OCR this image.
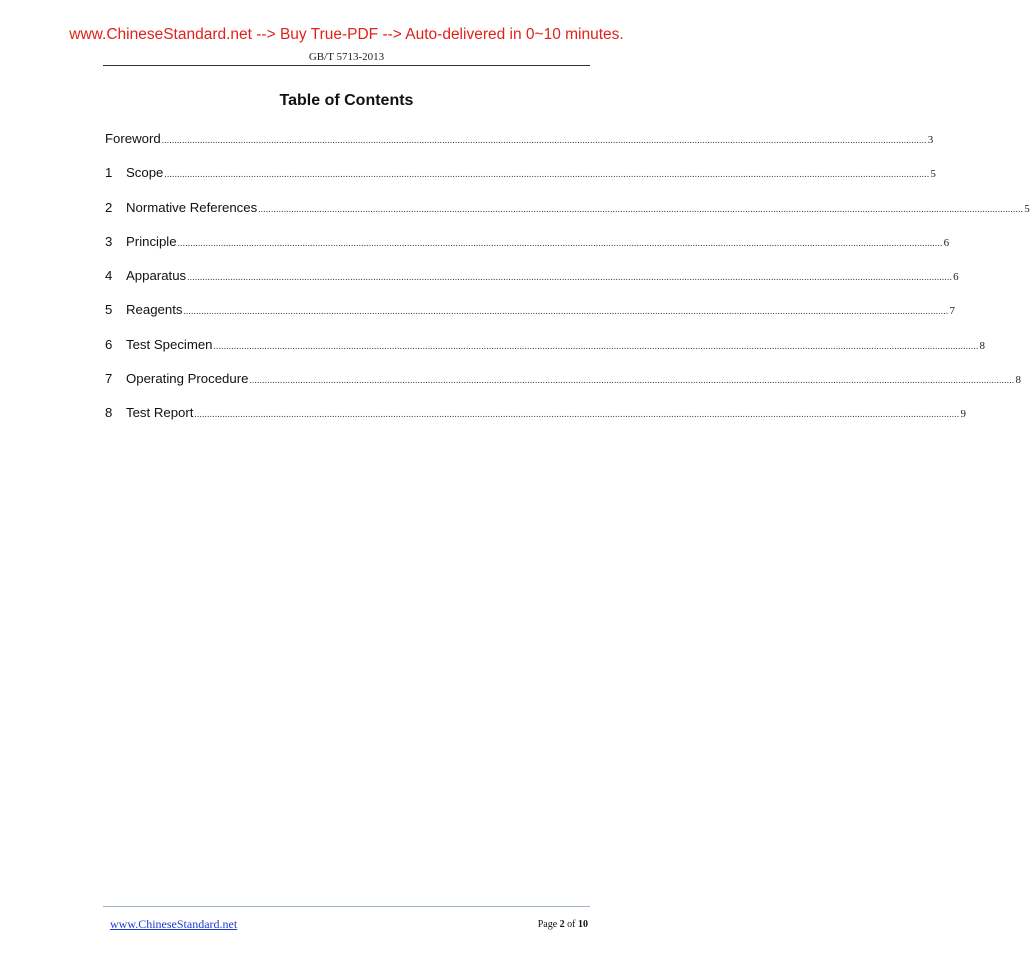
www.ChineseStandard.net --> Buy True-PDF --> Auto-delivered in 0~10 minutes.
GB/T 5713-2013
Table of Contents
Foreword ............................................................................................................................................................................................................................................................................................................ 3
1	Scope ............................................................................................................................................................................................................................................................................................................ 5
2	Normative References ............................................................................................................................................................................................................................................................................................................ 5
3	Principle ............................................................................................................................................................................................................................................................................................................ 6
4	Apparatus ............................................................................................................................................................................................................................................................................................................ 6
5	Reagents ............................................................................................................................................................................................................................................................................................................ 7
6	Test Specimen ............................................................................................................................................................................................................................................................................................................ 8
7	Operating Procedure ............................................................................................................................................................................................................................................................................................................ 8
8	Test Report ............................................................................................................................................................................................................................................................................................................ 9
www.ChineseStandard.net	Page 2 of 10
